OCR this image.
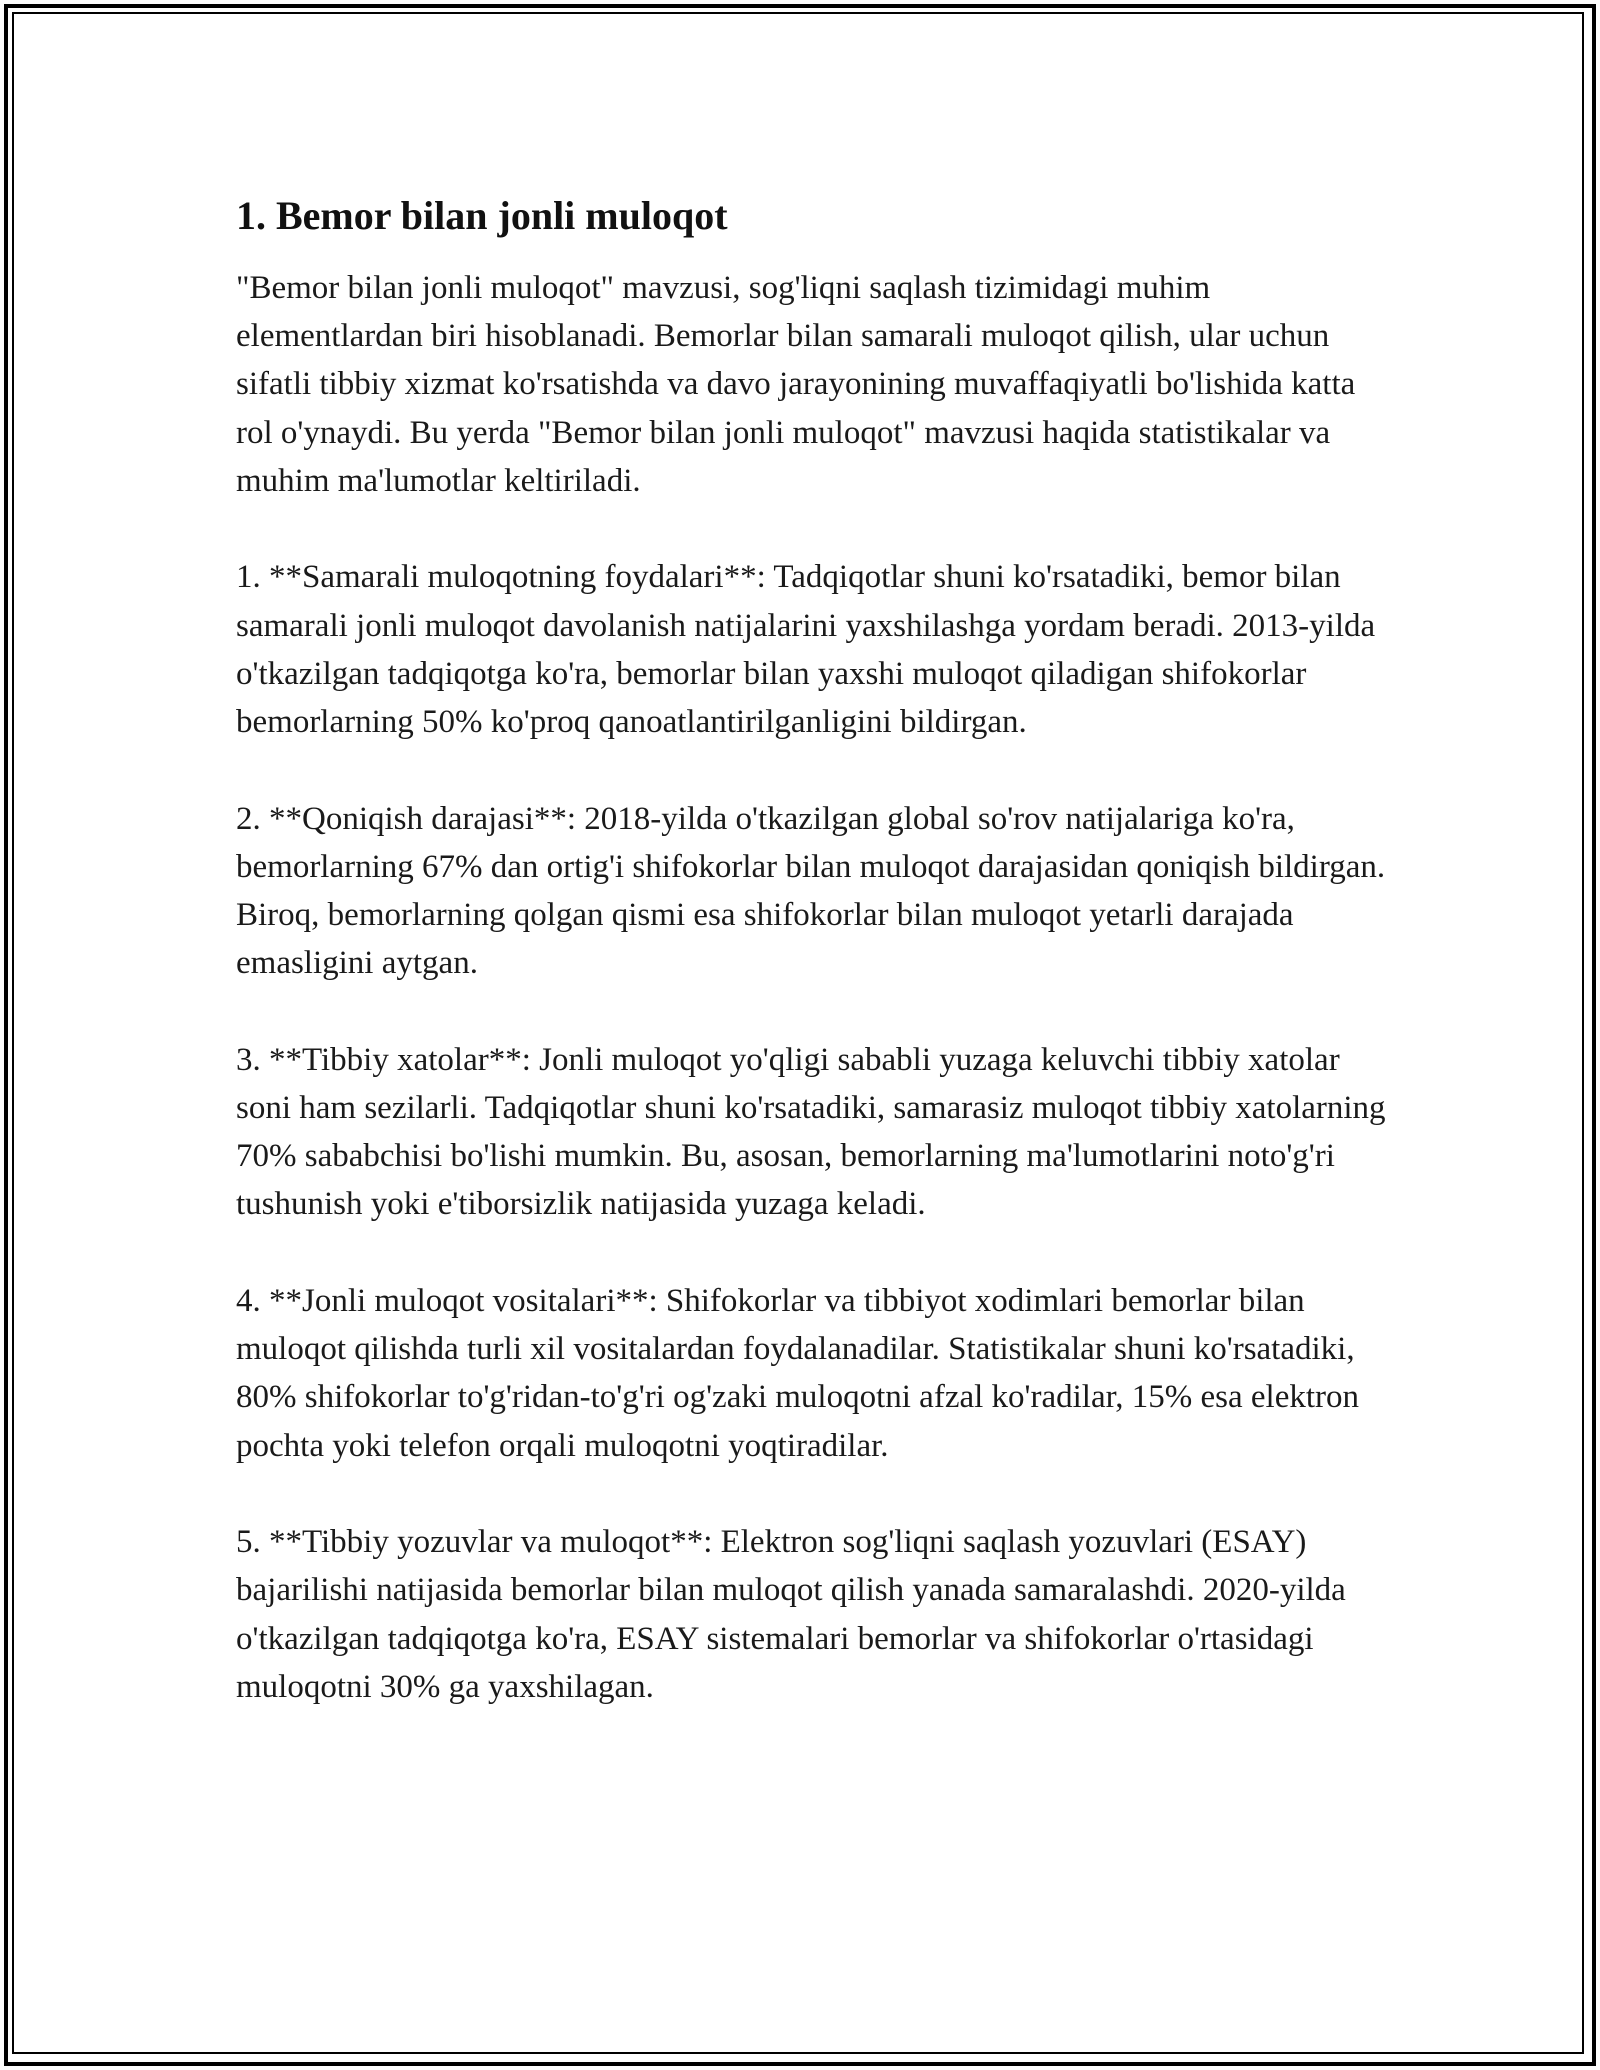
1. Bemor bilan jonli muloqot

"Bemor bilan jonli muloqot" mavzusi, sog'liqni saqlash tizimidagi muhim elementlardan biri hisoblanadi. Bemorlar bilan samarali muloqot qilish, ular uchun sifatli tibbiy xizmat ko'rsatishda va davo jarayonining muvaffaqiyatli bo'lishida katta rol o'ynaydi. Bu yerda "Bemor bilan jonli muloqot" mavzusi haqida statistikalar va muhim ma'lumotlar keltiriladi.

1. **Samarali muloqotning foydalari**: Tadqiqotlar shuni ko'rsatadiki, bemor bilan samarali jonli muloqot davolanish natijalarini yaxshilashga yordam beradi. 2013-yilda o'tkazilgan tadqiqotga ko'ra, bemorlar bilan yaxshi muloqot qiladigan shifokorlar bemorlarning 50% ko'proq qanoatlantirilganligini bildirgan.

2. **Qoniqish darajasi**: 2018-yilda o'tkazilgan global so'rov natijalariga ko'ra, bemorlarning 67% dan ortig'i shifokorlar bilan muloqot darajasidan qoniqish bildirgan. Biroq, bemorlarning qolgan qismi esa shifokorlar bilan muloqot yetarli darajada emasligini aytgan.

3. **Tibbiy xatolar**: Jonli muloqot yo'qligi sababli yuzaga keluvchi tibbiy xatolar soni ham sezilarli. Tadqiqotlar shuni ko'rsatadiki, samarasiz muloqot tibbiy xatolarning 70% sababchisi bo'lishi mumkin. Bu, asosan, bemorlarning ma'lumotlarini noto'g'ri tushunish yoki e'tiborsizlik natijasida yuzaga keladi.

4. **Jonli muloqot vositalari**: Shifokorlar va tibbiyot xodimlari bemorlar bilan muloqot qilishda turli xil vositalardan foydalanadilar. Statistikalar shuni ko'rsatadiki, 80% shifokorlar to'g'ridan-to'g'ri og'zaki muloqotni afzal ko'radilar, 15% esa elektron pochta yoki telefon orqali muloqotni yoqtiradilar.

5. **Tibbiy yozuvlar va muloqot**: Elektron sog'liqni saqlash yozuvlari (ESAY) bajarilishi natijasida bemorlar bilan muloqot qilish yanada samaralashdi. 2020-yilda o'tkazilgan tadqiqotga ko'ra, ESAY sistemalari bemorlar va shifokorlar o'rtasidagi muloqotni 30% ga yaxshilagan.
